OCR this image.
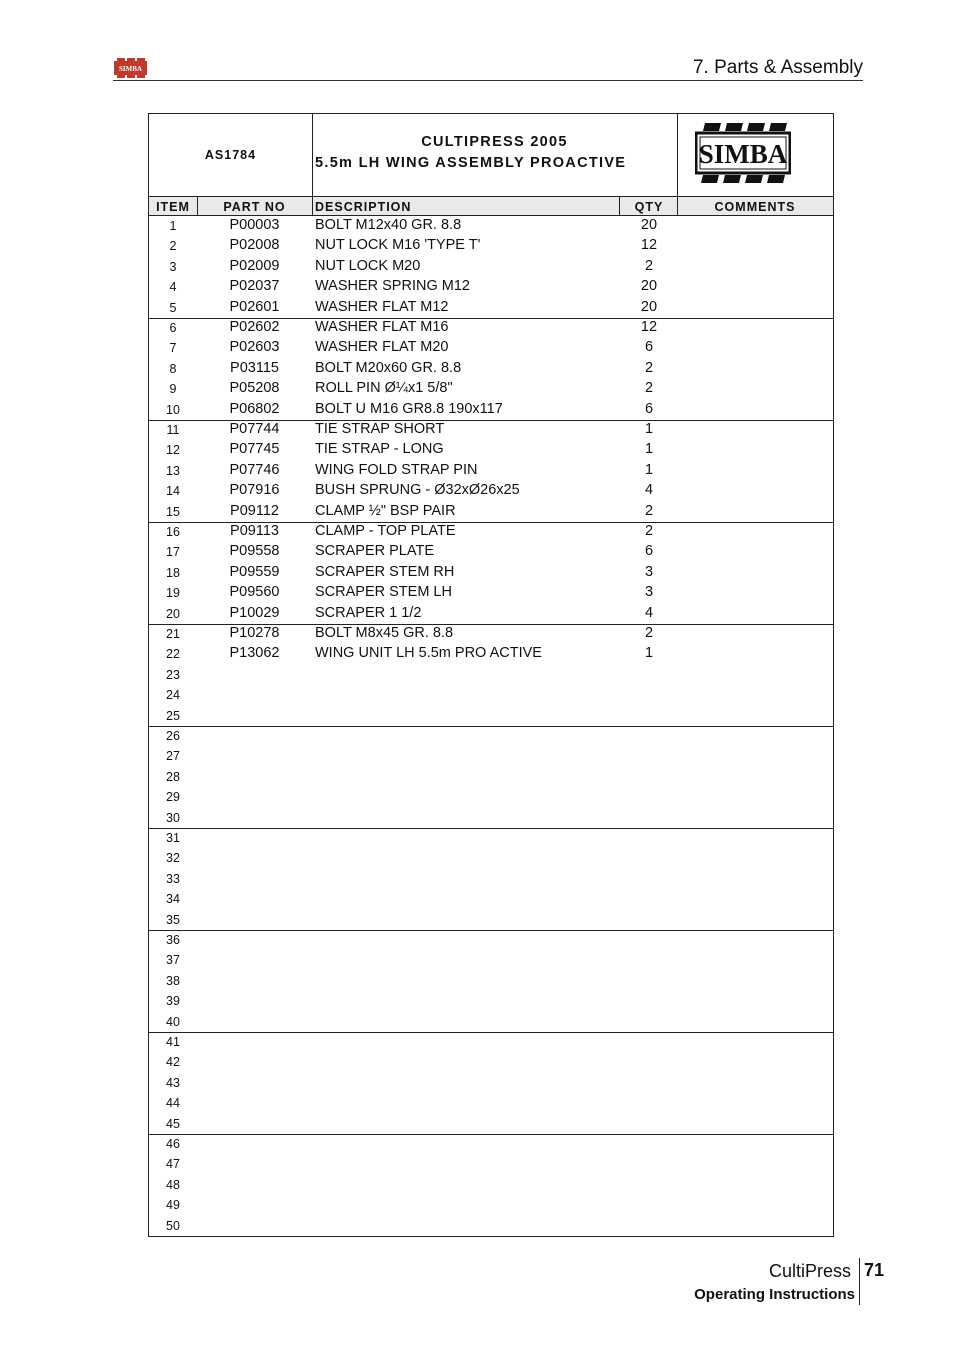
SIMBA	7. Parts & Assembly
AS1784
CULTIPRESS 2005
5.5m LH WING ASSEMBLY PROACTIVE	SIMBA
ITEM	PART NO	DESCRIPTION	QTY	COMMENTS
1	P00003	BOLT M12x40 GR. 8.8	20
2	P02008	NUT LOCK M16 'TYPE T'	12
3	P02009	NUT LOCK M20	2
4	P02037	WASHER SPRING M12	20
5	P02601	WASHER FLAT M12	20
6	P02602	WASHER FLAT M16	12
7	P02603	WASHER FLAT M20	6
8	P03115	BOLT M20x60 GR. 8.8	2
9	P05208	ROLL PIN Ø¼x1 5/8"	2
10	P06802	BOLT U M16 GR8.8 190x117	6
11	P07744	TIE STRAP SHORT	1
12	P07745	TIE STRAP - LONG	1
13	P07746	WING FOLD STRAP PIN	1
14	P07916	BUSH SPRUNG - Ø32xØ26x25	4
15	P09112	CLAMP ½" BSP PAIR	2
16	P09113	CLAMP - TOP PLATE	2
17	P09558	SCRAPER PLATE	6
18	P09559	SCRAPER STEM RH	3
19	P09560	SCRAPER STEM LH	3
20	P10029	SCRAPER 1 1/2	4
21	P10278	BOLT M8x45 GR. 8.8	2
22	P13062	WING UNIT LH 5.5m PRO ACTIVE	1
23
24
25
26
27
28
29
30
31
32
33
34
35
36
37
38
39
40
41
42
43
44
45
46
47
48
49
50
CultiPress 71
Operating Instructions
